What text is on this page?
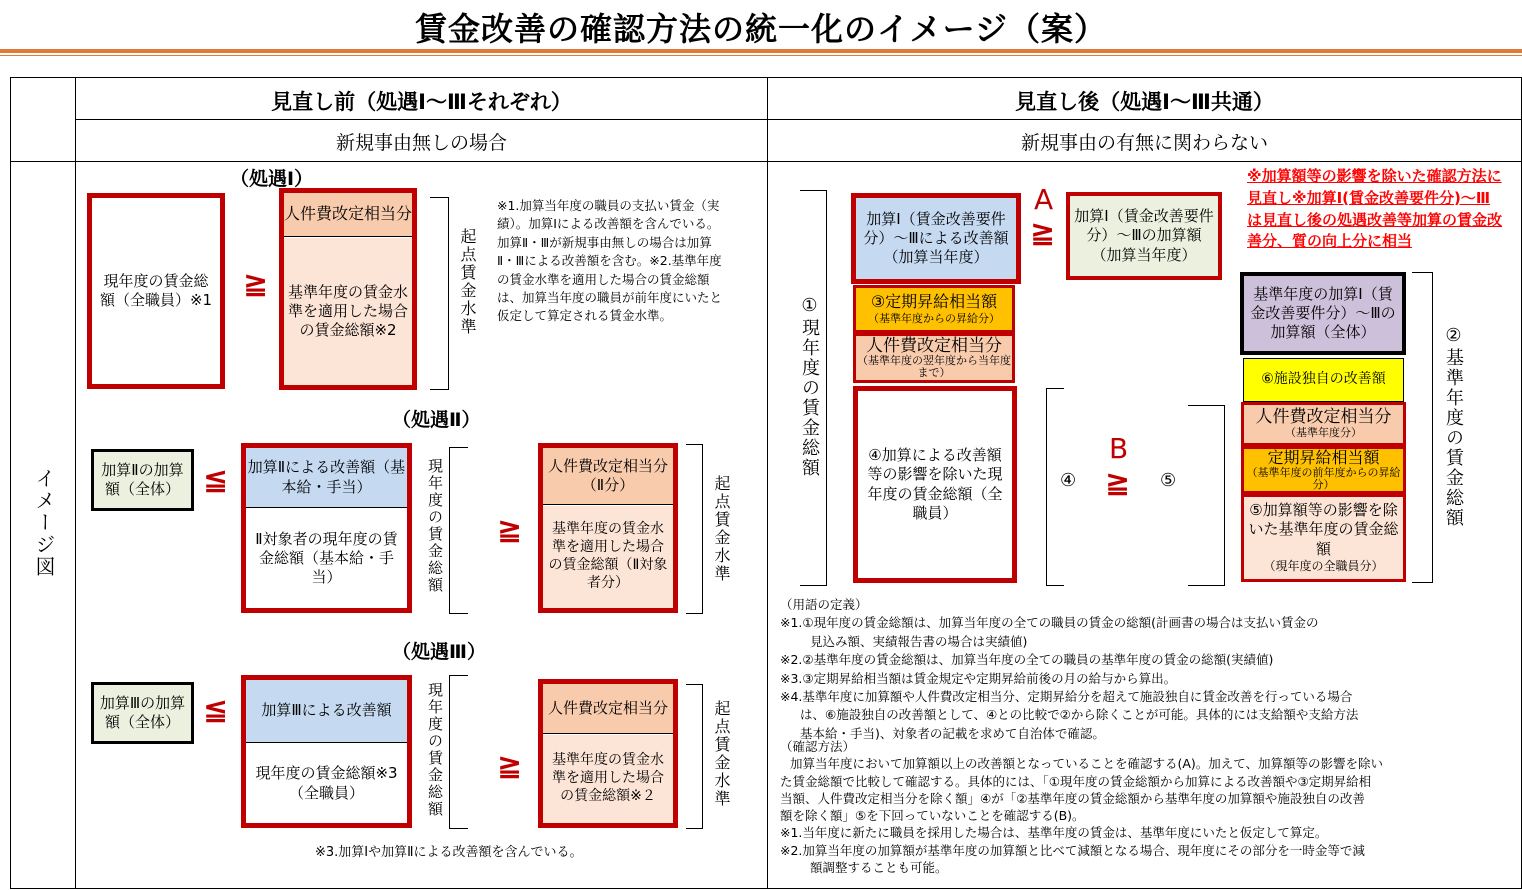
賃金改善の確認方法の統一化のイメージ（案）
見直し前（処遇Ⅰ～Ⅲそれぞれ）	見直し後（処遇Ⅰ～Ⅲ共通）
新規事由無しの場合	新規事由の有無に関わらない
イメージ図
（処遇Ⅰ）
現年度の賃金総額（全職員）※1	≧
人件費改定相当分
基準年度の賃金水準を適用した場合の賃金総額※2	起点賃金水準
※1.加算当年度の職員の支払い賃金（実績）。加算Ⅰによる改善額を含んでいる。加算Ⅱ・Ⅲが新規事由無しの場合は加算Ⅱ・Ⅲによる改善額を含む。※2.基準年度の賃金水準を適用した場合の賃金総額は、加算当年度の職員が前年度にいたと仮定して算定される賃金水準。
（処遇Ⅱ）
加算Ⅱの加算額（全体） ≦ 加算Ⅱによる改善額（基本給・手当）
Ⅱ対象者の現年度の賃金総額（基本給・手当）	現年度の賃金総額 ≧
人件費改定相当分（Ⅱ分）
基準年度の賃金水準を適用した場合の賃金総額（Ⅱ対象者分）	起点賃金水準
（処遇Ⅲ）
加算Ⅲの加算額（全体） ≦	加算Ⅲによる改善額
現年度の賃金総額※3（全職員）	現年度の賃金総額 ≧
人件費改定相当分
基準年度の賃金水準を適用した場合の賃金総額※２	起点賃金水準
※3.加算Ⅰや加算Ⅱによる改善額を含んでいる。
①現年度の賃金総額
加算Ⅰ（賃金改善要件分）～Ⅲによる改善額（加算当年度）
A
≧	加算Ⅰ（賃金改善要件分）～Ⅲの加算額（加算当年度）
③定期昇給相当額
（基準年度からの昇給分）
人件費改定相当分
（基準年度の翌年度から当年度まで）
④加算による改善額等の影響を除いた現年度の賃金総額（全職員）
④
B
≧ ⑤
※加算額等の影響を除いた確認方法に見直し※加算Ⅰ(賃金改善要件分)～Ⅲは見直し後の処遇改善等加算の賃金改善分、質の向上分に相当
基準年度の加算Ⅰ（賃金改善要件分）～Ⅲの加算額（全体）
⑥施設独自の改善額
人件費改定相当分
（基準年度分）
定期昇給相当額
（基準年度の前年度からの昇給分）
⑤加算額等の影響を除いた基準年度の賃金総額
（現年度の全職員分）
②基準年度の賃金総額
（用語の定義）
※1.①現年度の賃金総額は、加算当年度の全ての職員の賃金の総額(計画書の場合は支払い賃金の
見込み額、実績報告書の場合は実績値)
※2.②基準年度の賃金総額は、加算当年度の全ての職員の基準年度の賃金の総額(実績値)
※3.③定期昇給相当額は賃金規定や定期昇給前後の月の給与から算出。
※4.基準年度に加算額や人件費改定相当分、定期昇給分を超えて施設独自に賃金改善を行っている場合
は、⑥施設独自の改善額として、④との比較で②から除くことが可能。具体的には支給額や支給方法
基本給・手当)、対象者の記載を求めて自治体で確認。
（確認方法）
加算当年度において加算額以上の改善額となっていることを確認する(A)。加えて、加算額等の影響を除い
た賃金総額で比較して確認する。具体的には、「①現年度の賃金総額から加算による改善額や③定期昇給相
当額、人件費改定相当分を除く額」④が「②基準年度の賃金総額から基準年度の加算額や施設独自の改善
額を除く額」⑤を下回っていないことを確認する(B)。
※1.当年度に新たに職員を採用した場合は、基準年度の賃金は、基準年度にいたと仮定して算定。
※2.加算当年度の加算額が基準年度の加算額と比べて減額となる場合、現年度にその部分を一時金等で減
額調整することも可能。
